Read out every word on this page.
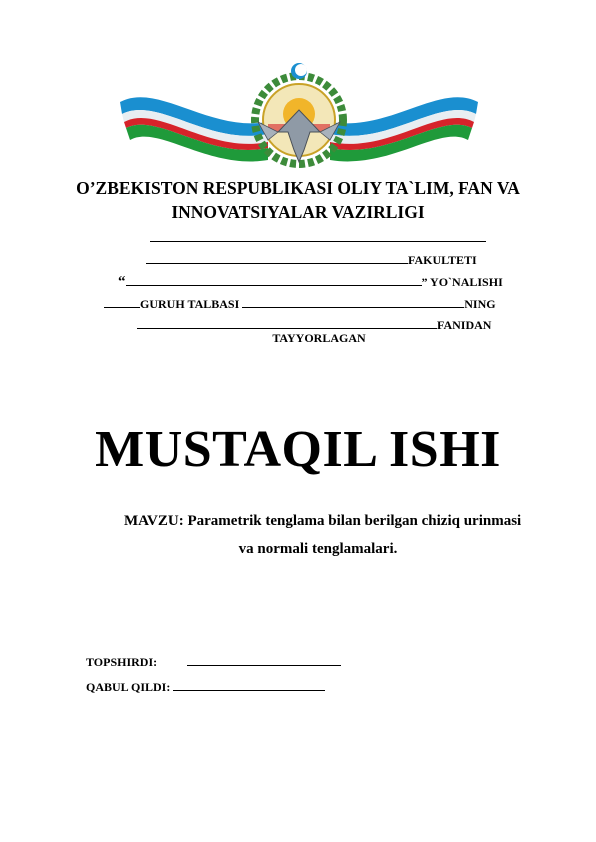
O’ZBEKISTON RESPUBLIKASI OLIY TA`LIM, FAN VA
INNOVATSIYALAR VAZIRLIGI
FAKULTETI
“	” YO`NALISHI
GURUH TALBASI	NING
FANIDAN
TAYYORLAGAN
MUSTAQIL ISHI
MAVZU: Parametrik tenglama bilan berilgan chiziq urinmasi
va normali tenglamalari.
TOPSHIRDI:
QABUL QILDI:
